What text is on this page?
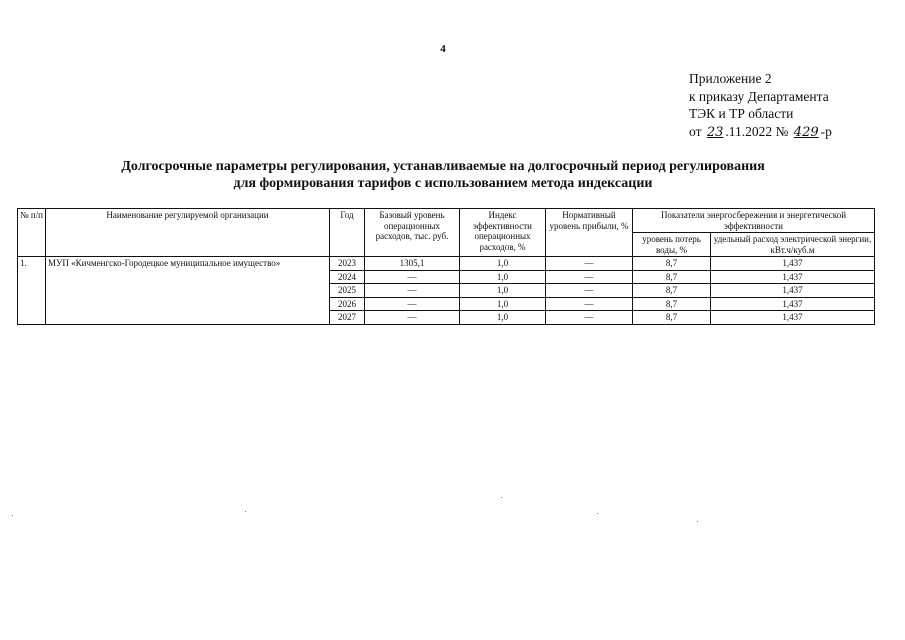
4
Приложение 2
к приказу Департамента
ТЭК и ТР области
от 23 .11.2022 № 429 -р
Долгосрочные параметры регулирования, устанавливаемые на долгосрочный период регулирования
для формирования тарифов с использованием метода индексации
№ п/п	Наименование регулируемой организации	Год	Базовый уровень операционных расходов, тыс. руб.	Индекс эффективности операционных расходов, %	Нормативный уровень прибыли, %	Показатели энергосбережения и энергетической эффективности	
						уровень потерь воды, %	удельный расход электрической энергии, кВт.ч/куб.м
1.	МУП «Кичменгско-Городецкое муниципальное имущество»	2023	1305,1	1,0	—	8,7	1,437
		2024	—	1,0	—	8,7	1,437
		2025	—	1,0	—	8,7	1,437
		2026	—	1,0	—	8,7	1,437
		2027	—	1,0	—	8,7	1,437
